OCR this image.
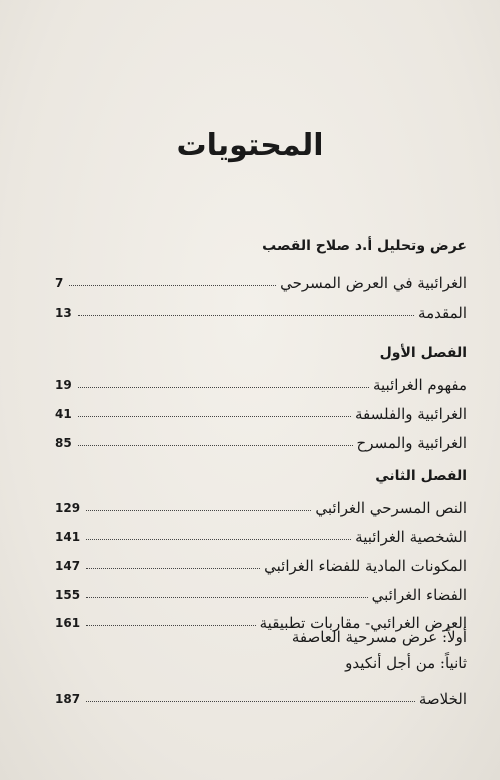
المحتويات
عرض وتحليل أ.د صلاح القصب
الغرائبية في العرض المسرحي
7
المقدمة
13
الفصل الأول
مفهوم الغرائبية
19
الغرائبية والفلسفة
41
الغرائبية والمسرح
85
الفصل الثاني
النص المسرحي الغرائبي
129
الشخصية الغرائبية
141
المكونات المادية للفضاء الغرائبي
147
الفضاء الغرائبي
155
العرض الغرائبي- مقاربات تطبيقية
161
أولاً: عرض مسرحية العاصفة
ثانياً: من أجل أنكيدو
الخلاصة
187
